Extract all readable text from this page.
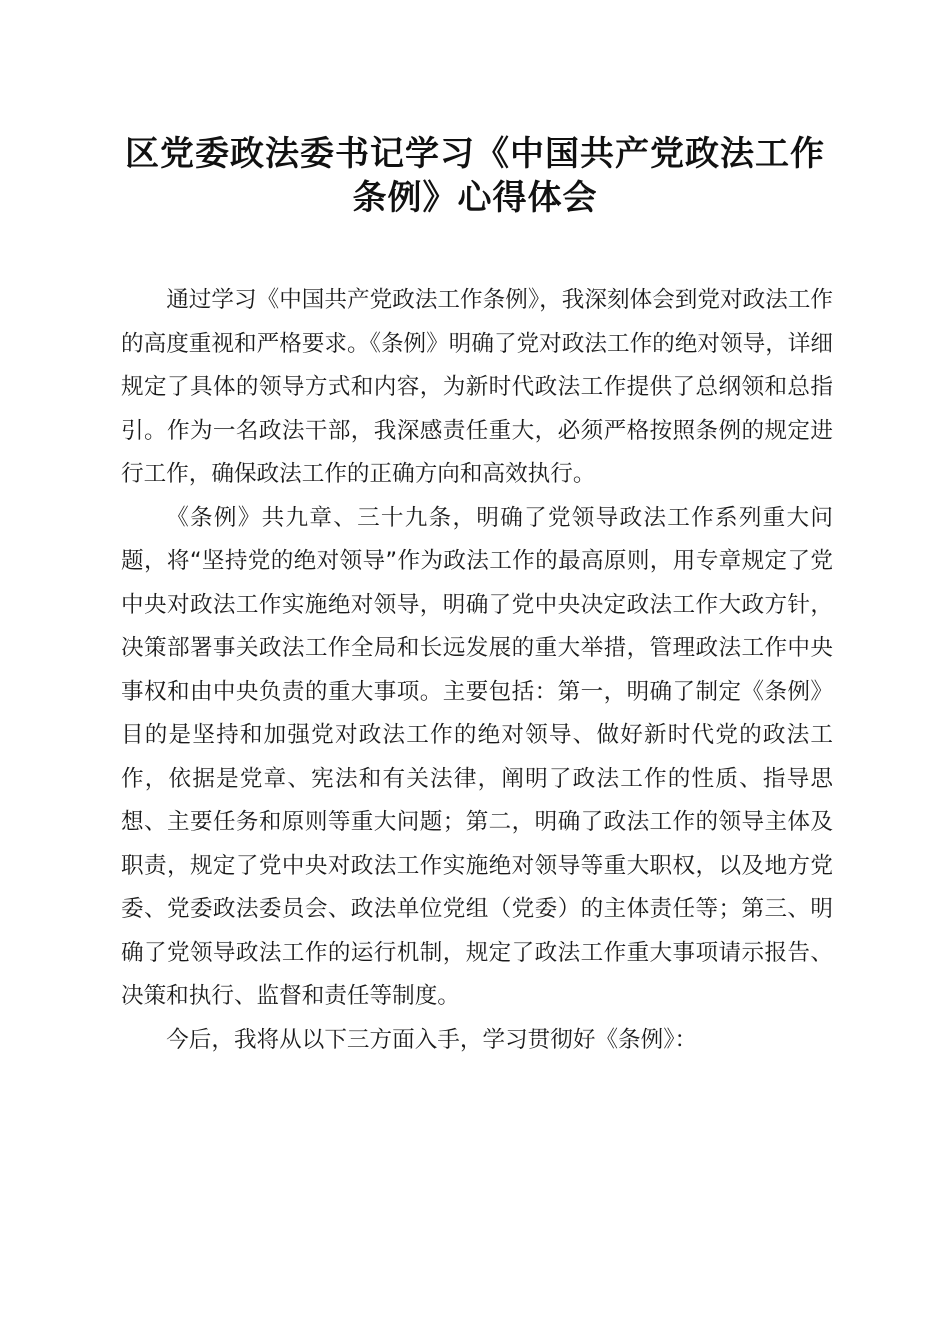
区党委政法委书记学习《中国共产党政法工作条例》心得体会

通过学习《中国共产党政法工作条例》，我深刻体会到党对政法工作的高度重视和严格要求。《条例》明确了党对政法工作的绝对领导，详细规定了具体的领导方式和内容，为新时代政法工作提供了总纲领和总指引。作为一名政法干部，我深感责任重大，必须严格按照条例的规定进行工作，确保政法工作的正确方向和高效执行。

《条例》共九章、三十九条，明确了党领导政法工作系列重大问题，将“坚持党的绝对领导”作为政法工作的最高原则，用专章规定了党中央对政法工作实施绝对领导，明确了党中央决定政法工作大政方针，决策部署事关政法工作全局和长远发展的重大举措，管理政法工作中央事权和由中央负责的重大事项。主要包括：第一，明确了制定《条例》目的是坚持和加强党对政法工作的绝对领导、做好新时代党的政法工作，依据是党章、宪法和有关法律，阐明了政法工作的性质、指导思想、主要任务和原则等重大问题；第二，明确了政法工作的领导主体及职责，规定了党中央对政法工作实施绝对领导等重大职权，以及地方党委、党委政法委员会、政法单位党组（党委）的主体责任等；第三、明确了党领导政法工作的运行机制，规定了政法工作重大事项请示报告、决策和执行、监督和责任等制度。

今后，我将从以下三方面入手，学习贯彻好《条例》：
